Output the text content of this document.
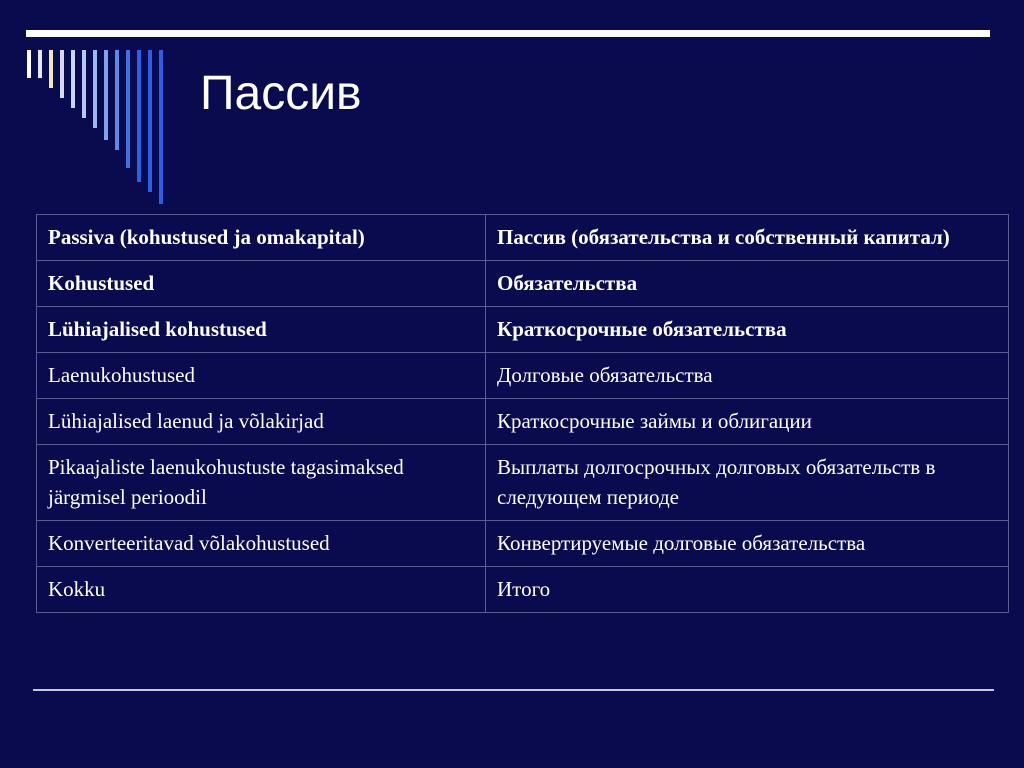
Пассив
Passiva (kohustused ja omakapital)	Пассив (обязательства и собственный капитал)
Kohustused	Обязательства
Lühiajalised kohustused	Краткосрочные обязательства
Laenukohustused	Долговые обязательства
Lühiajalised laenud ja võlakirjad	Краткосрочные займы и облигации
Pikaajaliste laenukohustuste tagasimaksed järgmisel perioodil	Выплаты долгосрочных долговых обязательств в следующем периоде
Konverteeritavad võlakohustused	Конвертируемые долговые обязательства
Kokku	Итого
